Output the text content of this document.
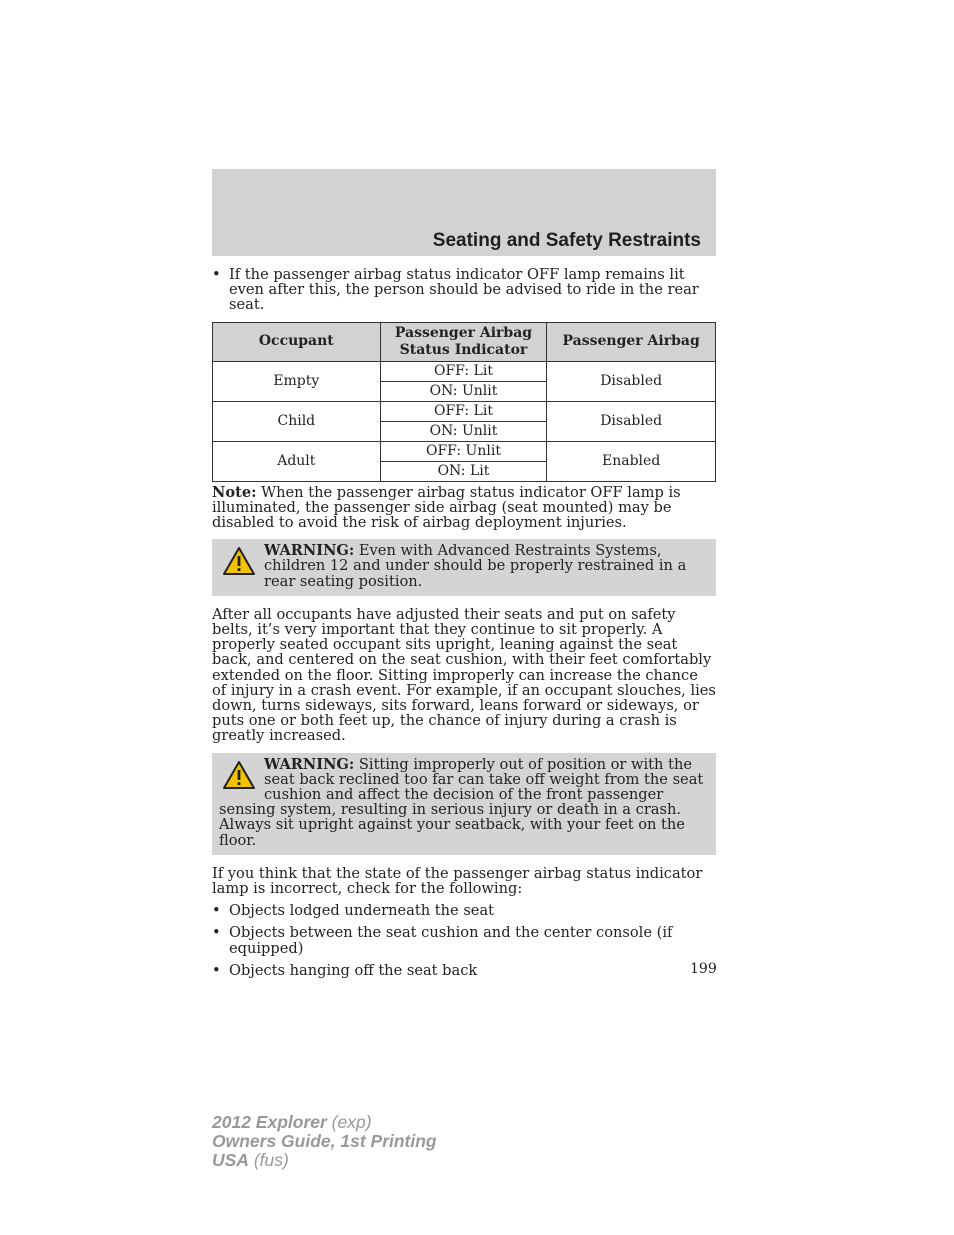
Seating and Safety Restraints
• If the passenger airbag status indicator OFF lamp remains lit even after this, the person should be advised to ride in the rear seat.
Occupant	Passenger Airbag Status Indicator	Passenger Airbag
Empty	OFF: Lit	Disabled
	ON: Unlit	
Child	OFF: Lit	Disabled
	ON: Unlit	
Adult	OFF: Unlit	Enabled
	ON: Lit	
Note: When the passenger airbag status indicator OFF lamp is illuminated, the passenger side airbag (seat mounted) may be disabled to avoid the risk of airbag deployment injuries.
WARNING: Even with Advanced Restraints Systems, children 12 and under should be properly restrained in a rear seating position.
After all occupants have adjusted their seats and put on safety belts, it’s very important that they continue to sit properly. A properly seated occupant sits upright, leaning against the seat back, and centered on the seat cushion, with their feet comfortably extended on the floor. Sitting improperly can increase the chance of injury in a crash event. For example, if an occupant slouches, lies down, turns sideways, sits forward, leans forward or sideways, or puts one or both feet up, the chance of injury during a crash is greatly increased.
WARNING: Sitting improperly out of position or with the seat back reclined too far can take off weight from the seat cushion and affect the decision of the front passenger sensing system, resulting in serious injury or death in a crash.
Always sit upright against your seatback, with your feet on the floor.
If you think that the state of the passenger airbag status indicator lamp is incorrect, check for the following:
• Objects lodged underneath the seat
• Objects between the seat cushion and the center console (if equipped)
• Objects hanging off the seat back	199
2012 Explorer (exp)
Owners Guide, 1st Printing
USA (fus)
